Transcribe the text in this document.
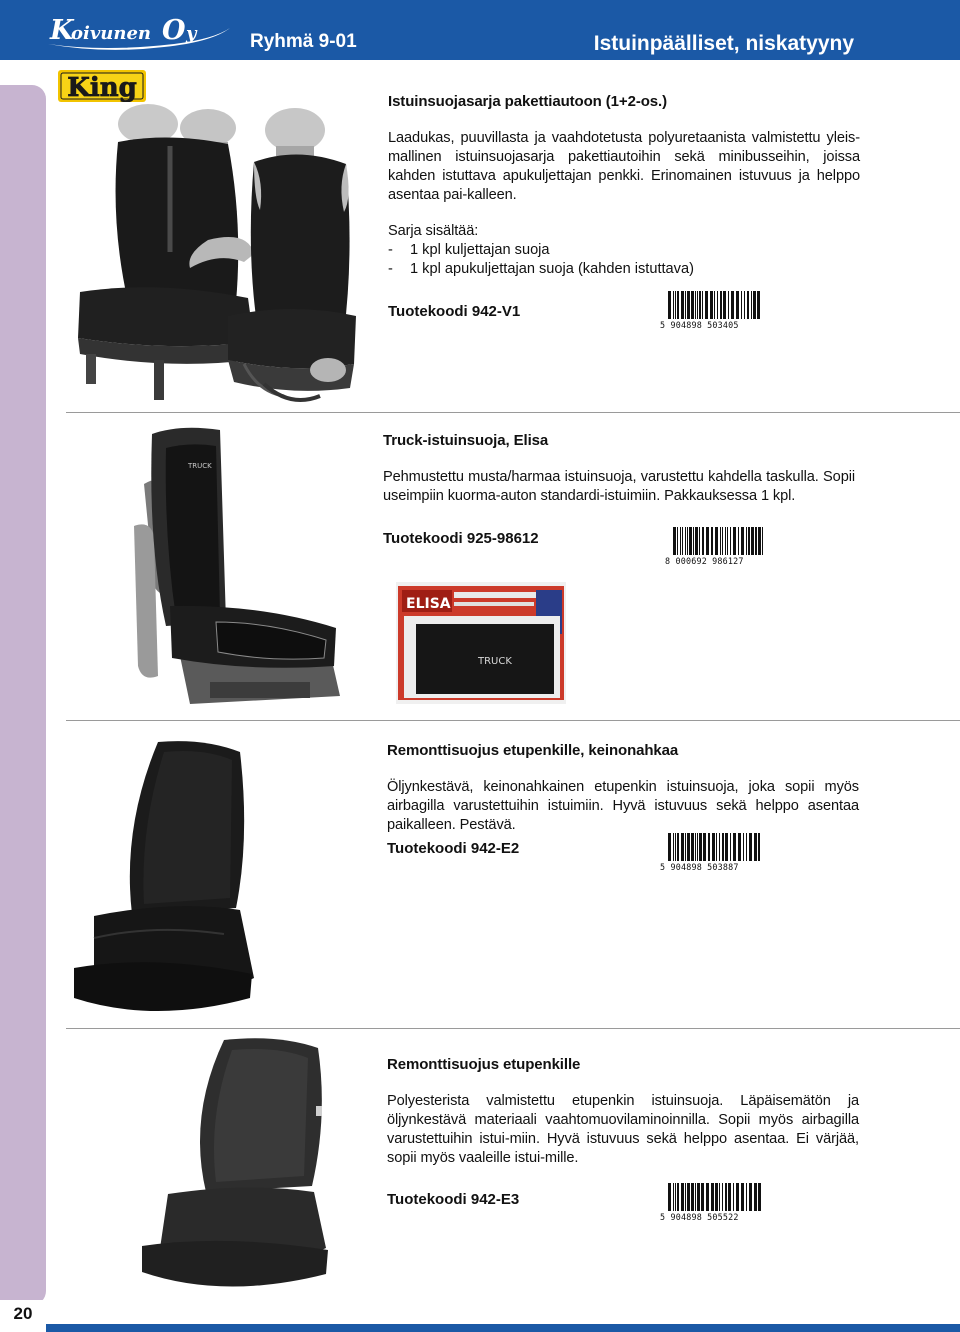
K
oivunen O y	Ryhmä 9-01	Istuinpäälliset, niskatyyny
20
King	Istuinsuojasarja pakettiautoon (1+2-os.)
Laadukas, puuvillasta ja vaahdotetusta polyuretaanista valmistettu yleis-mallinen istuinsuojasarja pakettiautoihin sekä minibusseihin, joissa kahden istuttava apukuljettajan penkki. Erinomainen istuvuus ja helppo asentaa pai-kalleen.
Sarja sisältää:
-	1 kpl kuljettajan suoja
-	1 kpl apukuljettajan suoja (kahden istuttava)
Tuotekoodi 942-V1
5 904898 503405
TRUCK
ELISA
TRUCK
Truck-istuinsuoja, Elisa
Pehmustettu musta/harmaa istuinsuoja, varustettu kahdella taskulla. Sopii useimpiin kuorma-auton standardi-istuimiin. Pakkauksessa 1 kpl.
Tuotekoodi 925-98612
8 000692 986127
Remonttisuojus etupenkille, keinonahkaa
Öljynkestävä, keinonahkainen etupenkin istuinsuoja, joka sopii myös airbagilla varustettuihin istuimiin. Hyvä istuvuus sekä helppo asentaa paikalleen. Pestävä.
Tuotekoodi 942-E2
5 904898 503887
Remonttisuojus etupenkille
Polyesterista valmistettu etupenkin istuinsuoja. Läpäisemätön ja öljynkestävä materiaali vaahtomuovilaminoinnilla. Sopii myös airbagilla varustettuihin istui-miin. Hyvä istuvuus sekä helppo asentaa. Ei värjää, sopii myös vaaleille istui-mille.
Tuotekoodi 942-E3
5 904898 505522
